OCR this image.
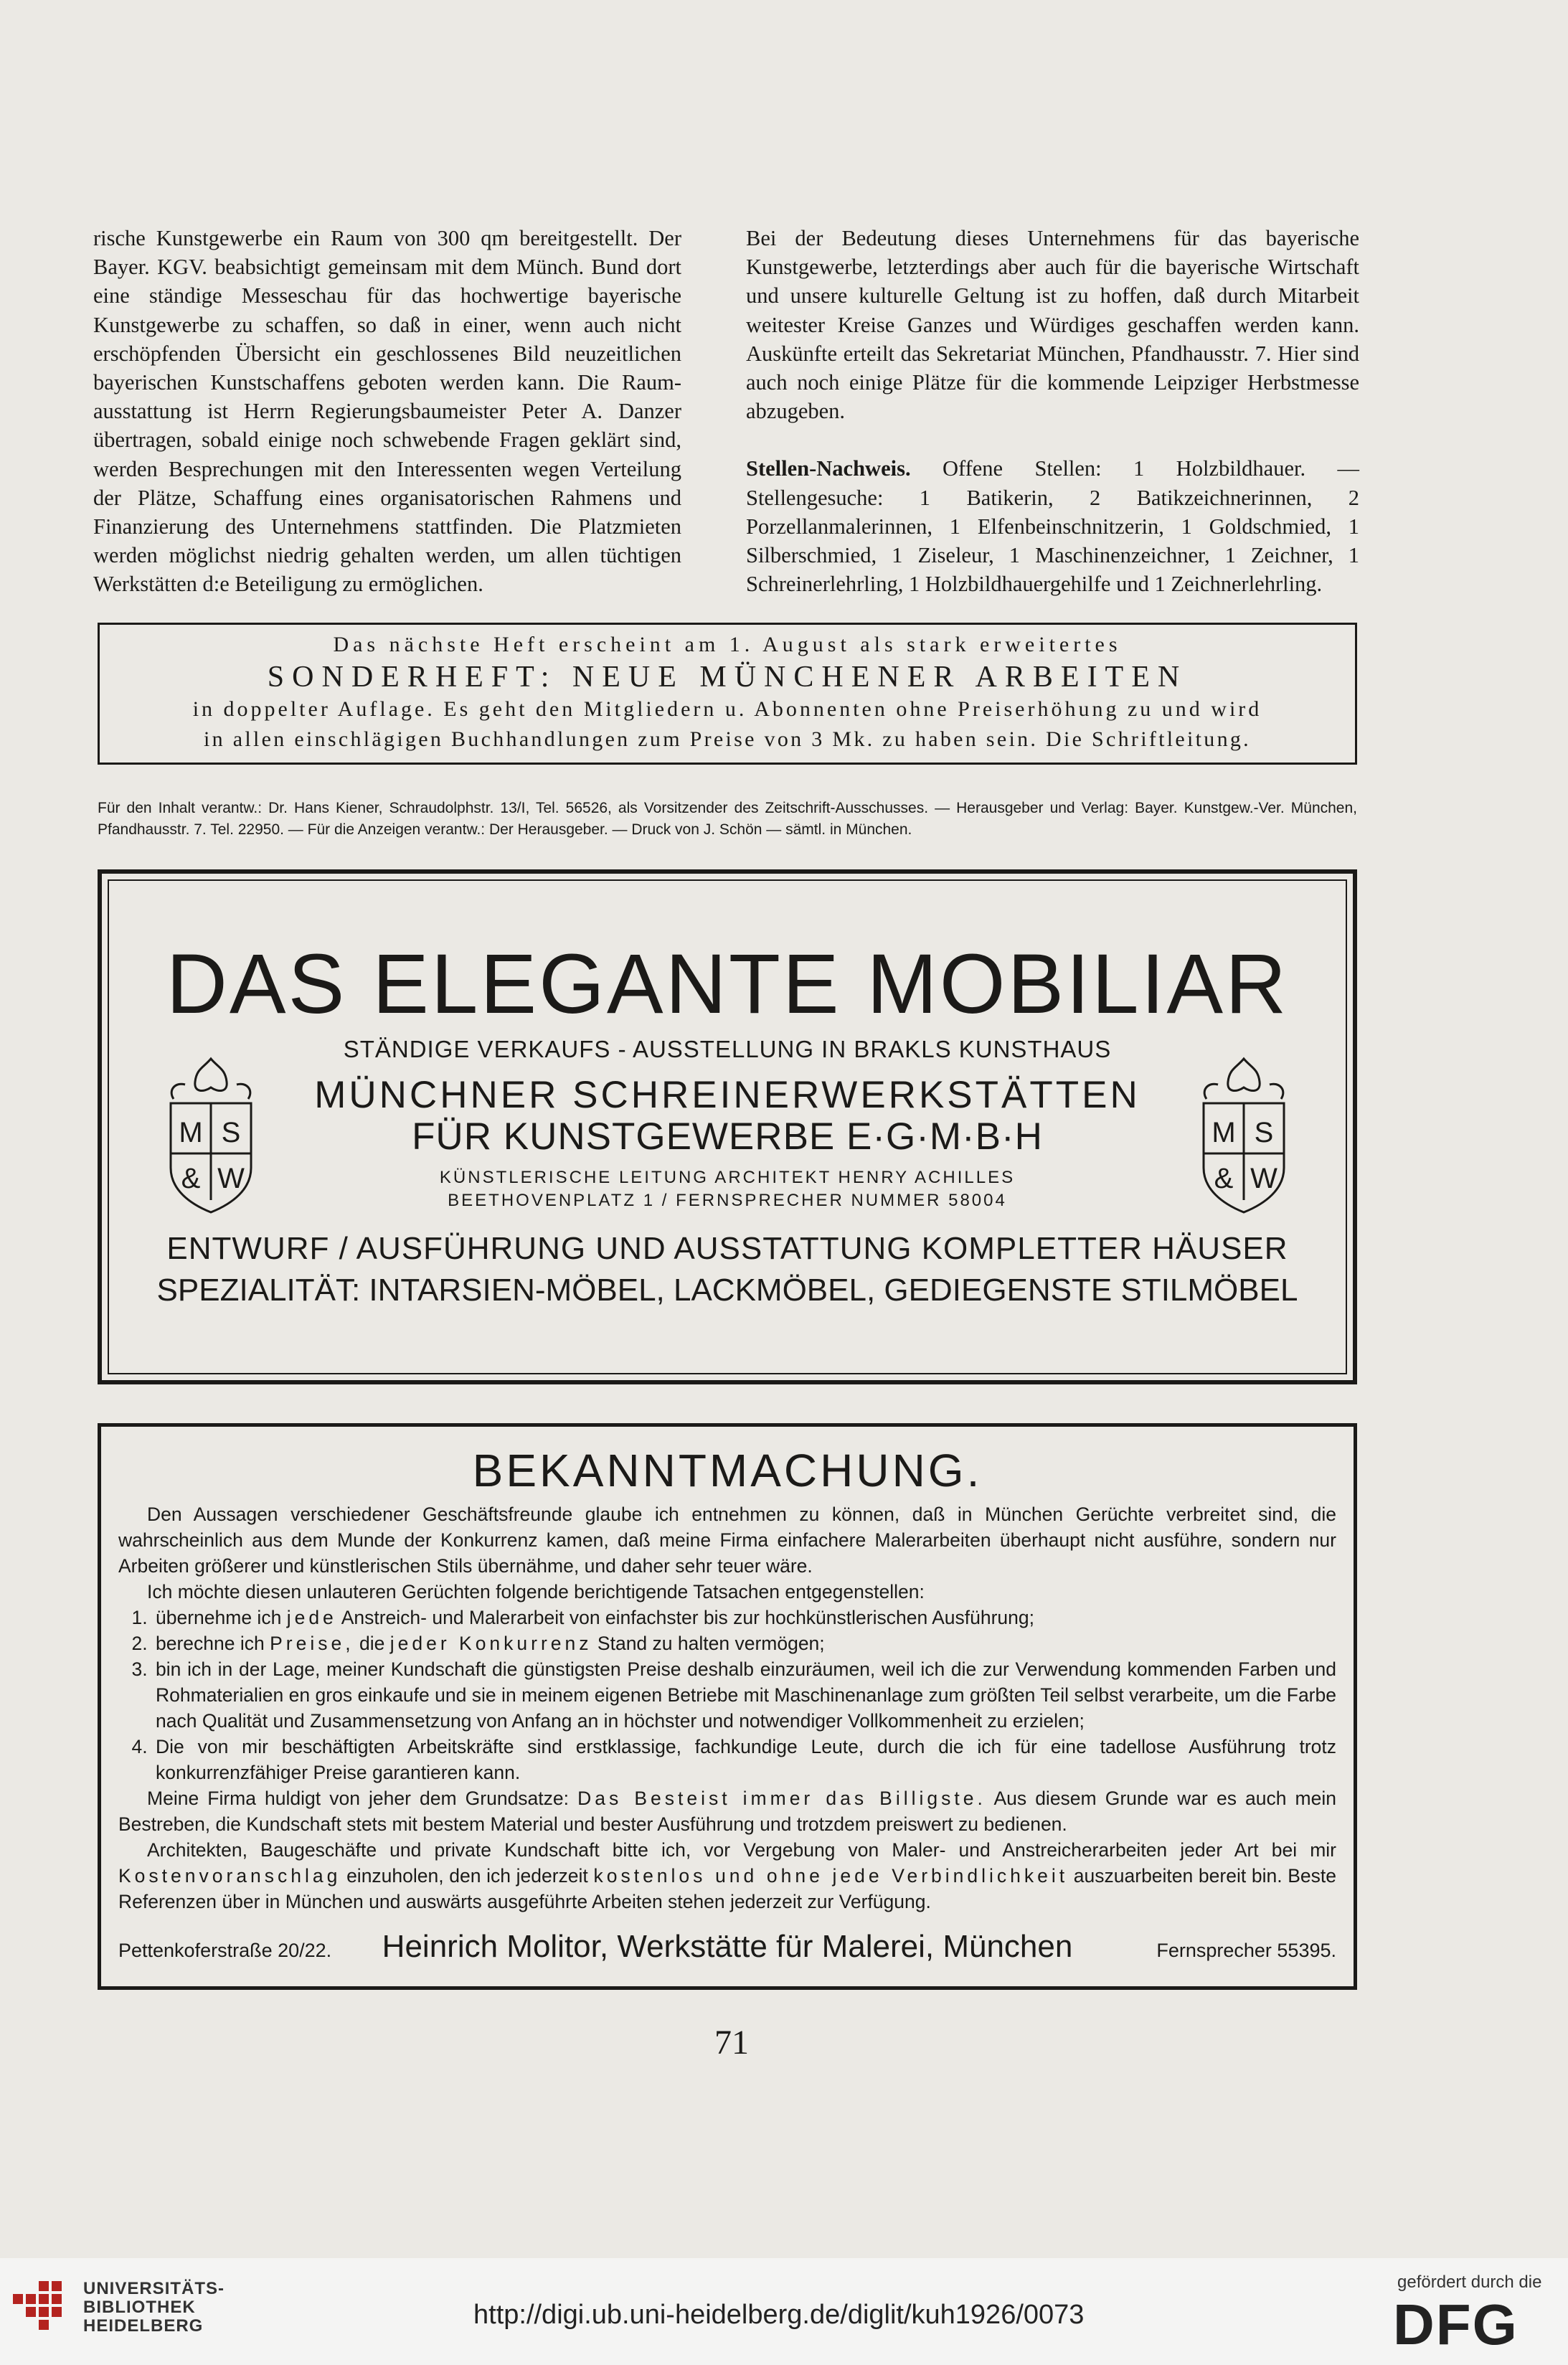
rische Kunstgewerbe ein Raum von 300 qm bereitgestellt. Der Bayer. KGV. beabsichtigt gemeinsam mit dem Münch. Bund dort eine ständige Messeschau für das hochwertige bayerische Kunstgewerbe zu schaffen, so daß in einer, wenn auch nicht erschöpfenden Übersicht ein geschlossenes Bild neuzeitlichen bayerischen Kunstschaffens geboten werden kann. Die Raum-ausstattung ist Herrn Regierungsbaumeister Peter A. Danzer übertragen, sobald einige noch schwebende Fragen geklärt sind, werden Besprechungen mit den Interessenten wegen Verteilung der Plätze, Schaffung eines organisatorischen Rahmens und Finanzierung des Unternehmens stattfinden. Die Platzmieten werden möglichst niedrig gehalten werden, um allen tüchtigen Werkstätten d:e Beteiligung zu ermöglichen.

Bei der Bedeutung dieses Unternehmens für das bayerische Kunstgewerbe, letzterdings aber auch für die bayerische Wirtschaft und unsere kulturelle Geltung ist zu hoffen, daß durch Mitarbeit weitester Kreise Ganzes und Würdiges geschaffen werden kann. Auskünfte erteilt das Sekretariat München, Pfandhausstr. 7. Hier sind auch noch einige Plätze für die kommende Leipziger Herbstmesse abzugeben.

Stellen-Nachweis. Offene Stellen: 1 Holzbildhauer. — Stellengesuche: 1 Batikerin, 2 Batikzeichnerinnen, 2 Porzellanmalerinnen, 1 Elfenbeinschnitzerin, 1 Goldschmied, 1 Silberschmied, 1 Ziseleur, 1 Maschinenzeichner, 1 Zeichner, 1 Schreinerlehrling, 1 Holzbildhauergehilfe und 1 Zeichnerlehrling.

Das nächste Heft erscheint am 1. August als stark erweitertes
SONDERHEFT: NEUE MÜNCHENER ARBEITEN
in doppelter Auflage. Es geht den Mitgliedern u. Abonnenten ohne Preiserhöhung zu und wird
in allen einschlägigen Buchhandlungen zum Preise von 3 Mk. zu haben sein. Die Schriftleitung.

Für den Inhalt verantw.: Dr. Hans Kiener, Schraudolphstr. 13/I, Tel. 56526, als Vorsitzender des Zeitschrift-Ausschusses. — Herausgeber und Verlag: Bayer. Kunstgew.-Ver. München, Pfandhausstr. 7. Tel. 22950. — Für die Anzeigen verantw.: Der Herausgeber. — Druck von J. Schön — sämtl. in München.

DAS ELEGANTE MOBILIAR
STÄNDIGE VERKAUFS - AUSSTELLUNG IN BRAKLS KUNSTHAUS
MÜNCHNER SCHREINERWERKSTÄTTEN
FÜR KUNSTGEWERBE E·G·M·B·H
KÜNSTLERISCHE LEITUNG ARCHITEKT HENRY ACHILLES
BEETHOVENPLATZ 1 / FERNSPRECHER NUMMER 58004
ENTWURF / AUSFÜHRUNG UND AUSSTATTUNG KOMPLETTER HÄUSER
SPEZIALITÄT: INTARSIEN-MÖBEL, LACKMÖBEL, GEDIEGENSTE STILMÖBEL
M S
& W
M S
& W
BEKANNTMACHUNG.

Den Aussagen verschiedener Geschäftsfreunde glaube ich entnehmen zu können, daß in München Gerüchte verbreitet sind, die wahrscheinlich aus dem Munde der Konkurrenz kamen, daß meine Firma einfachere Malerarbeiten überhaupt nicht ausführe, sondern nur Arbeiten größerer und künstlerischen Stils übernähme, und daher sehr teuer wäre.

Ich möchte diesen unlauteren Gerüchten folgende berichtigende Tatsachen entgegenstellen:

1. übernehme ich jede Anstreich- und Malerarbeit von einfachster bis zur hochkünstlerischen Ausführung;
2. berechne ich Preise, die jeder Konkurrenz Stand zu halten vermögen;
3. bin ich in der Lage, meiner Kundschaft die günstigsten Preise deshalb einzuräumen, weil ich die zur Verwendung kommenden Farben und Rohmaterialien en gros einkaufe und sie in meinem eigenen Betriebe mit Maschinenanlage zum größten Teil selbst verarbeite, um die Farbe nach Qualität und Zusammensetzung von Anfang an in höchster und notwendiger Vollkommenheit zu erzielen;
4. Die von mir beschäftigten Arbeitskräfte sind erstklassige, fachkundige Leute, durch die ich für eine tadellose Ausführung trotz konkurrenzfähiger Preise garantieren kann.

Meine Firma huldigt von jeher dem Grundsatze: Das Besteist immer das Billigste. Aus diesem Grunde war es auch mein Bestreben, die Kundschaft stets mit bestem Material und bester Ausführung und trotzdem preiswert zu bedienen.

Architekten, Baugeschäfte und private Kundschaft bitte ich, vor Vergebung von Maler- und Anstreicherarbeiten jeder Art bei mir Kostenvoranschlag einzuholen, den ich jederzeit kostenlos und ohne jede Verbindlichkeit auszuarbeiten bereit bin. Beste Referenzen über in München und auswärts ausgeführte Arbeiten stehen jederzeit zur Verfügung.

Pettenkoferstraße 20/22.	Heinrich Molitor, Werkstätte für Malerei, München	Fernsprecher 55395.
71
UNIVERSITÄTS-
BIBLIOTHEK
HEIDELBERG	http://digi.ub.uni-heidelberg.de/diglit/kuh1926/0073
gefördert durch die
DFG
